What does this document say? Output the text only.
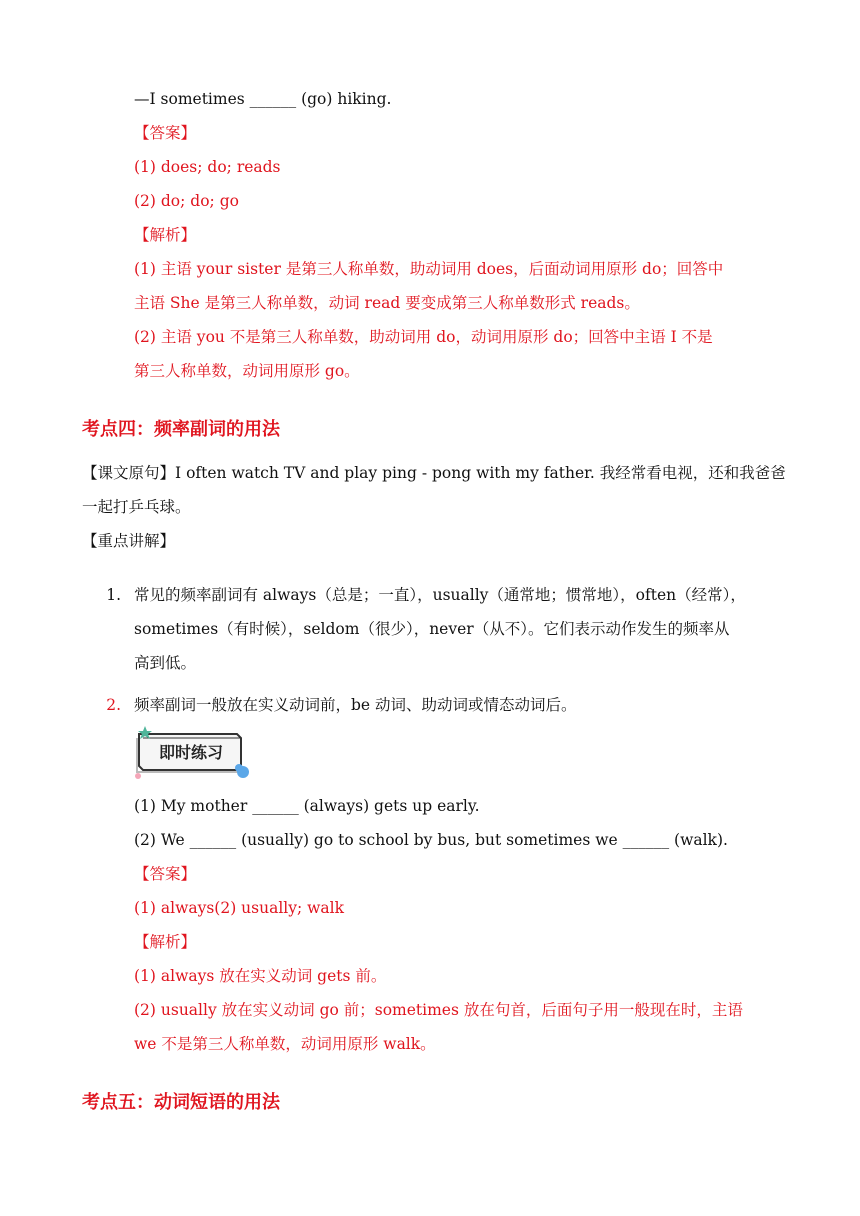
—I sometimes ______ (go) hiking.
【答案】
(1) does; do; reads
(2) do; do; go
【解析】
(1) 主语 your sister 是第三人称单数，助动词用 does，后面动词用原形 do；回答中
主语 She 是第三人称单数，动词 read 要变成第三人称单数形式 reads。
(2) 主语 you 不是第三人称单数，助动词用 do，动词用原形 do；回答中主语 I 不是
第三人称单数，动词用原形 go。
考点四：频率副词的用法
【课文原句】I often watch TV and play ping - pong with my father. 我经常看电视，还和我爸爸
一起打乒乓球。
【重点讲解】
1. 常见的频率副词有 always（总是；一直），usually（通常地；惯常地），often（经常），
sometimes（有时候），seldom（很少），never（从不）。它们表示动作发生的频率从
高到低。
2. 频率副词一般放在实义动词前，be 动词、助动词或情态动词后。
即时练习
(1) My mother ______ (always) gets up early.
(2) We ______ (usually) go to school by bus, but sometimes we ______ (walk).
【答案】
(1) always(2) usually; walk
【解析】
(1) always 放在实义动词 gets 前。
(2) usually 放在实义动词 go 前；sometimes 放在句首，后面句子用一般现在时，主语
we 不是第三人称单数，动词用原形 walk。
考点五：动词短语的用法
